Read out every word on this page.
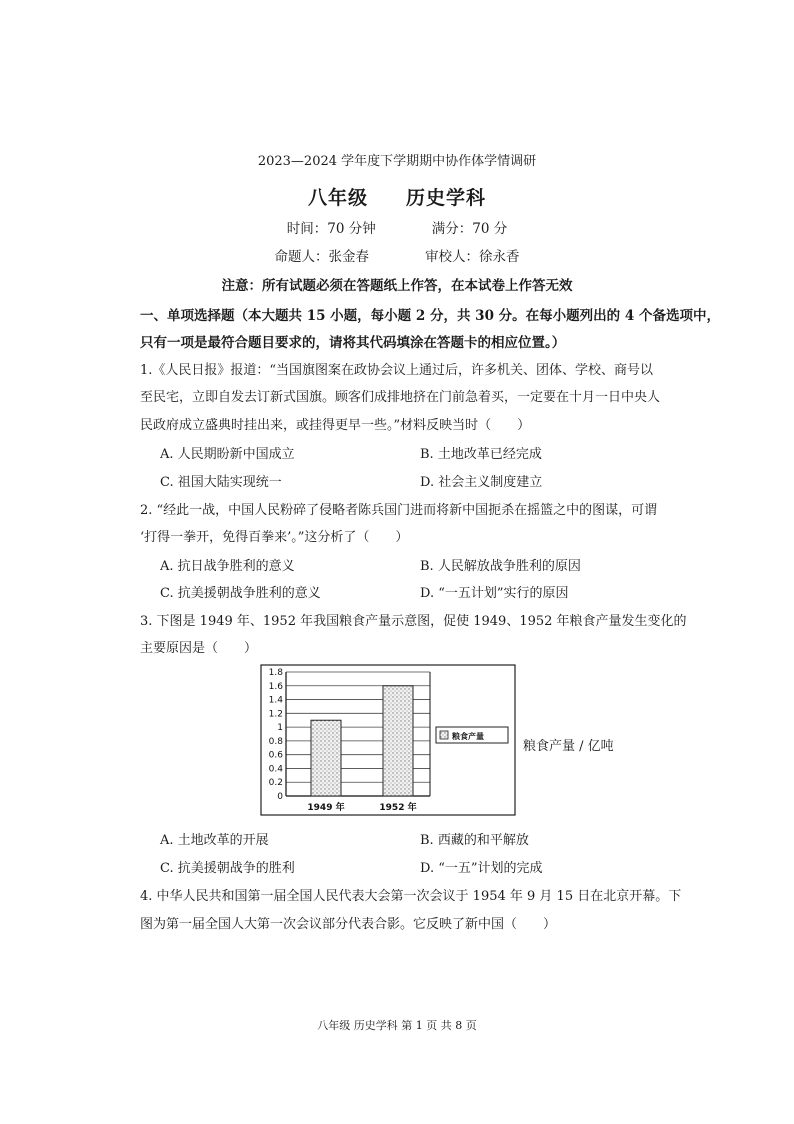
2023—2024 学年度下学期期中协作体学情调研
八年级 历史学科
时间：70 分钟	满分：70 分
命题人：张金春	审校人：徐永香
注意：所有试题必须在答题纸上作答，在本试卷上作答无效
一、单项选择题（本大题共 15 小题，每小题 2 分，共 30 分。在每小题列出的 4 个备选项中，
只有一项是最符合题目要求的，请将其代码填涂在答题卡的相应位置。）
1.《人民日报》报道：“当国旗图案在政协会议上通过后，许多机关、团体、学校、商号以
至民宅，立即自发去订新式国旗。顾客们成排地挤在门前急着买，一定要在十月一日中央人
民政府成立盛典时挂出来，或挂得更早一些。”材料反映当时（　　）
A. 人民期盼新中国成立	B. 土地改革已经完成
C. 祖国大陆实现统一	D. 社会主义制度建立
2. “经此一战，中国人民粉碎了侵略者陈兵国门进而将新中国扼杀在摇篮之中的图谋，可谓
‘打得一拳开，免得百拳来’。”这分析了（　　）
A. 抗日战争胜利的意义	B. 人民解放战争胜利的原因
C. 抗美援朝战争胜利的意义	D. “一五计划”实行的原因
3. 下图是 1949 年、1952 年我国粮食产量示意图，促使 1949、1952 年粮食产量发生变化的
主要原因是（　　）
0
0.2
0.4
0.6
0.8
1
1.2
1.4
1.6
1.8
1949 年	1952 年
粮食产量
粮食产量 / 亿吨
A. 土地改革的开展	B. 西藏的和平解放
C. 抗美援朝战争的胜利	D. “一五”计划的完成
4. 中华人民共和国第一届全国人民代表大会第一次会议于 1954 年 9 月 15 日在北京开幕。下
图为第一届全国人大第一次会议部分代表合影。它反映了新中国（　　）
八年级 历史学科 第 1 页 共 8 页
